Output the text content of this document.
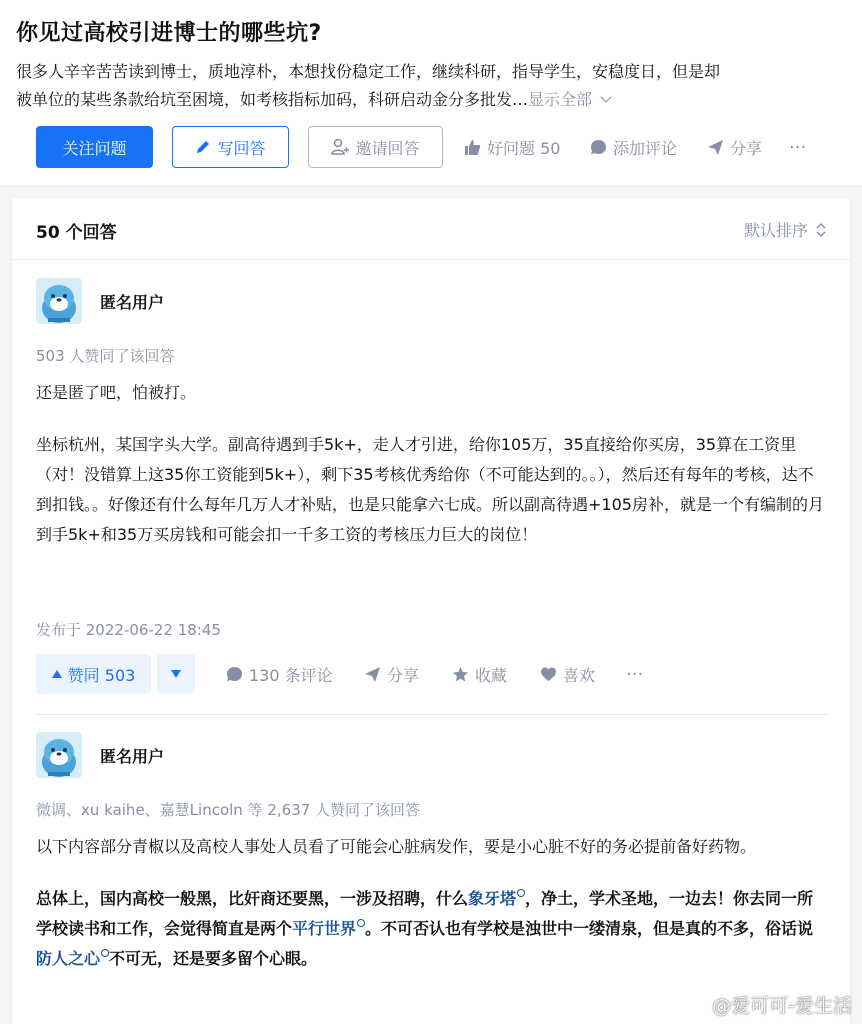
你见过高校引进博士的哪些坑?
很多人辛辛苦苦读到博士，质地淳朴，本想找份稳定工作，继续科研，指导学生，安稳度日，但是却
被单位的某些条款给坑至困境，如考核指标加码，科研启动金分多批发…显示全部
关注问题	写回答	邀请回答	好问题 50	添加评论	分享 ···
50 个回答	默认排序
匿名用户
503 人赞同了该回答

还是匿了吧，怕被打。

坐标杭州，某国字头大学。副高待遇到手5k+，走人才引进，给你105万，35直接给你买房，35算在工资里（对！没错算上这35你工资能到5k+），剩下35考核优秀给你（不可能达到的。。），然后还有每年的考核，达不到扣钱。。好像还有什么每年几万人才补贴，也是只能拿六七成。所以副高待遇+105房补，就是一个有编制的月到手5k+和35万买房钱和可能会扣一千多工资的考核压力巨大的岗位！

发布于 2022-06-22 18:45
赞同 503	130 条评论	分享	收藏	喜欢 ···
匿名用户
微调、xu kaihe、嘉慧Lincoln 等 2,637 人赞同了该回答

以下内容部分青椒以及高校人事处人员看了可能会心脏病发作，要是小心脏不好的务必提前备好药物。

总体上，国内高校一般黑，比奸商还要黑，一涉及招聘，什么象牙塔 ，净土，学术圣地，一边去！你去同一所学校读书和工作，会觉得简直是两个平行世界 。不可否认也有学校是浊世中一缕清泉，但是真的不多，俗话说防人之心 不可无，还是要多留个心眼。

@爱可可-爱生活
